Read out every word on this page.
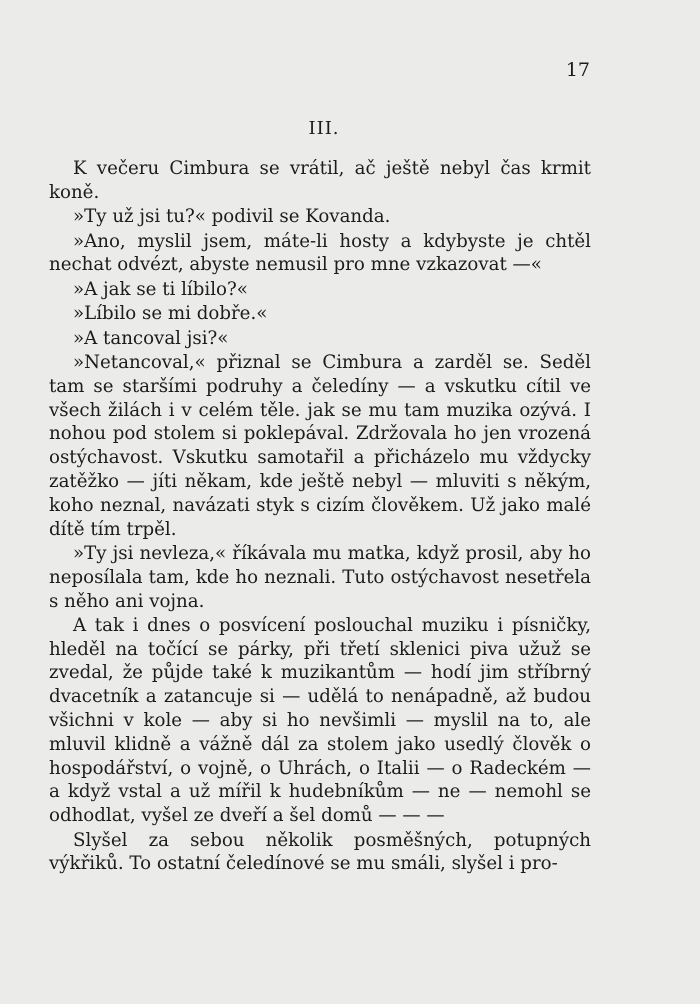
17
III.

K večeru Cimbura se vrátil, ač ještě nebyl čas krmit koně.

»Ty už jsi tu?« podivil se Kovanda.

»Ano, myslil jsem, máte-li hosty a kdybyste je chtěl nechat odvézt, abyste nemusil pro mne vzkazovat —«

»A jak se ti líbilo?«

»Líbilo se mi dobře.«

»A tancoval jsi?«

»Netancoval,« přiznal se Cimbura a zarděl se. Seděl tam se staršími podruhy a čeledíny — a vskutku cítil ve všech žilách i v celém těle. jak se mu tam muzika ozývá. I nohou pod stolem si poklepával. Zdržovala ho jen vrozená ostýchavost. Vskutku samotařil a přicházelo mu vždycky zatěžko — jíti někam, kde ještě nebyl — mluviti s někým, koho neznal, navázati styk s cizím člověkem. Už jako malé dítě tím trpěl.

»Ty jsi nevleza,« říkávala mu matka, když prosil, aby ho neposílala tam, kde ho neznali. Tuto ostýchavost nesetřela s něho ani vojna.

A tak i dnes o posvícení poslouchal muziku i písničky, hleděl na točící se párky, při třetí sklenici piva užuž se zvedal, že půjde také k muzikantům — hodí jim stříbrný dvacetník a zatancuje si — udělá to nenápadně, až budou všichni v kole — aby si ho nevšimli — myslil na to, ale mluvil klidně a vážně dál za stolem jako usedlý člověk o hospodářství, o vojně, o Uhrách, o Italii — o Radeckém — a když vstal a už mířil k hudebníkům — ne — nemohl se odhodlat, vyšel ze dveří a šel domů — — —

Slyšel za sebou několik posměšných, potupných výkřiků. To ostatní čeledínové se mu smáli, slyšel i pro-
